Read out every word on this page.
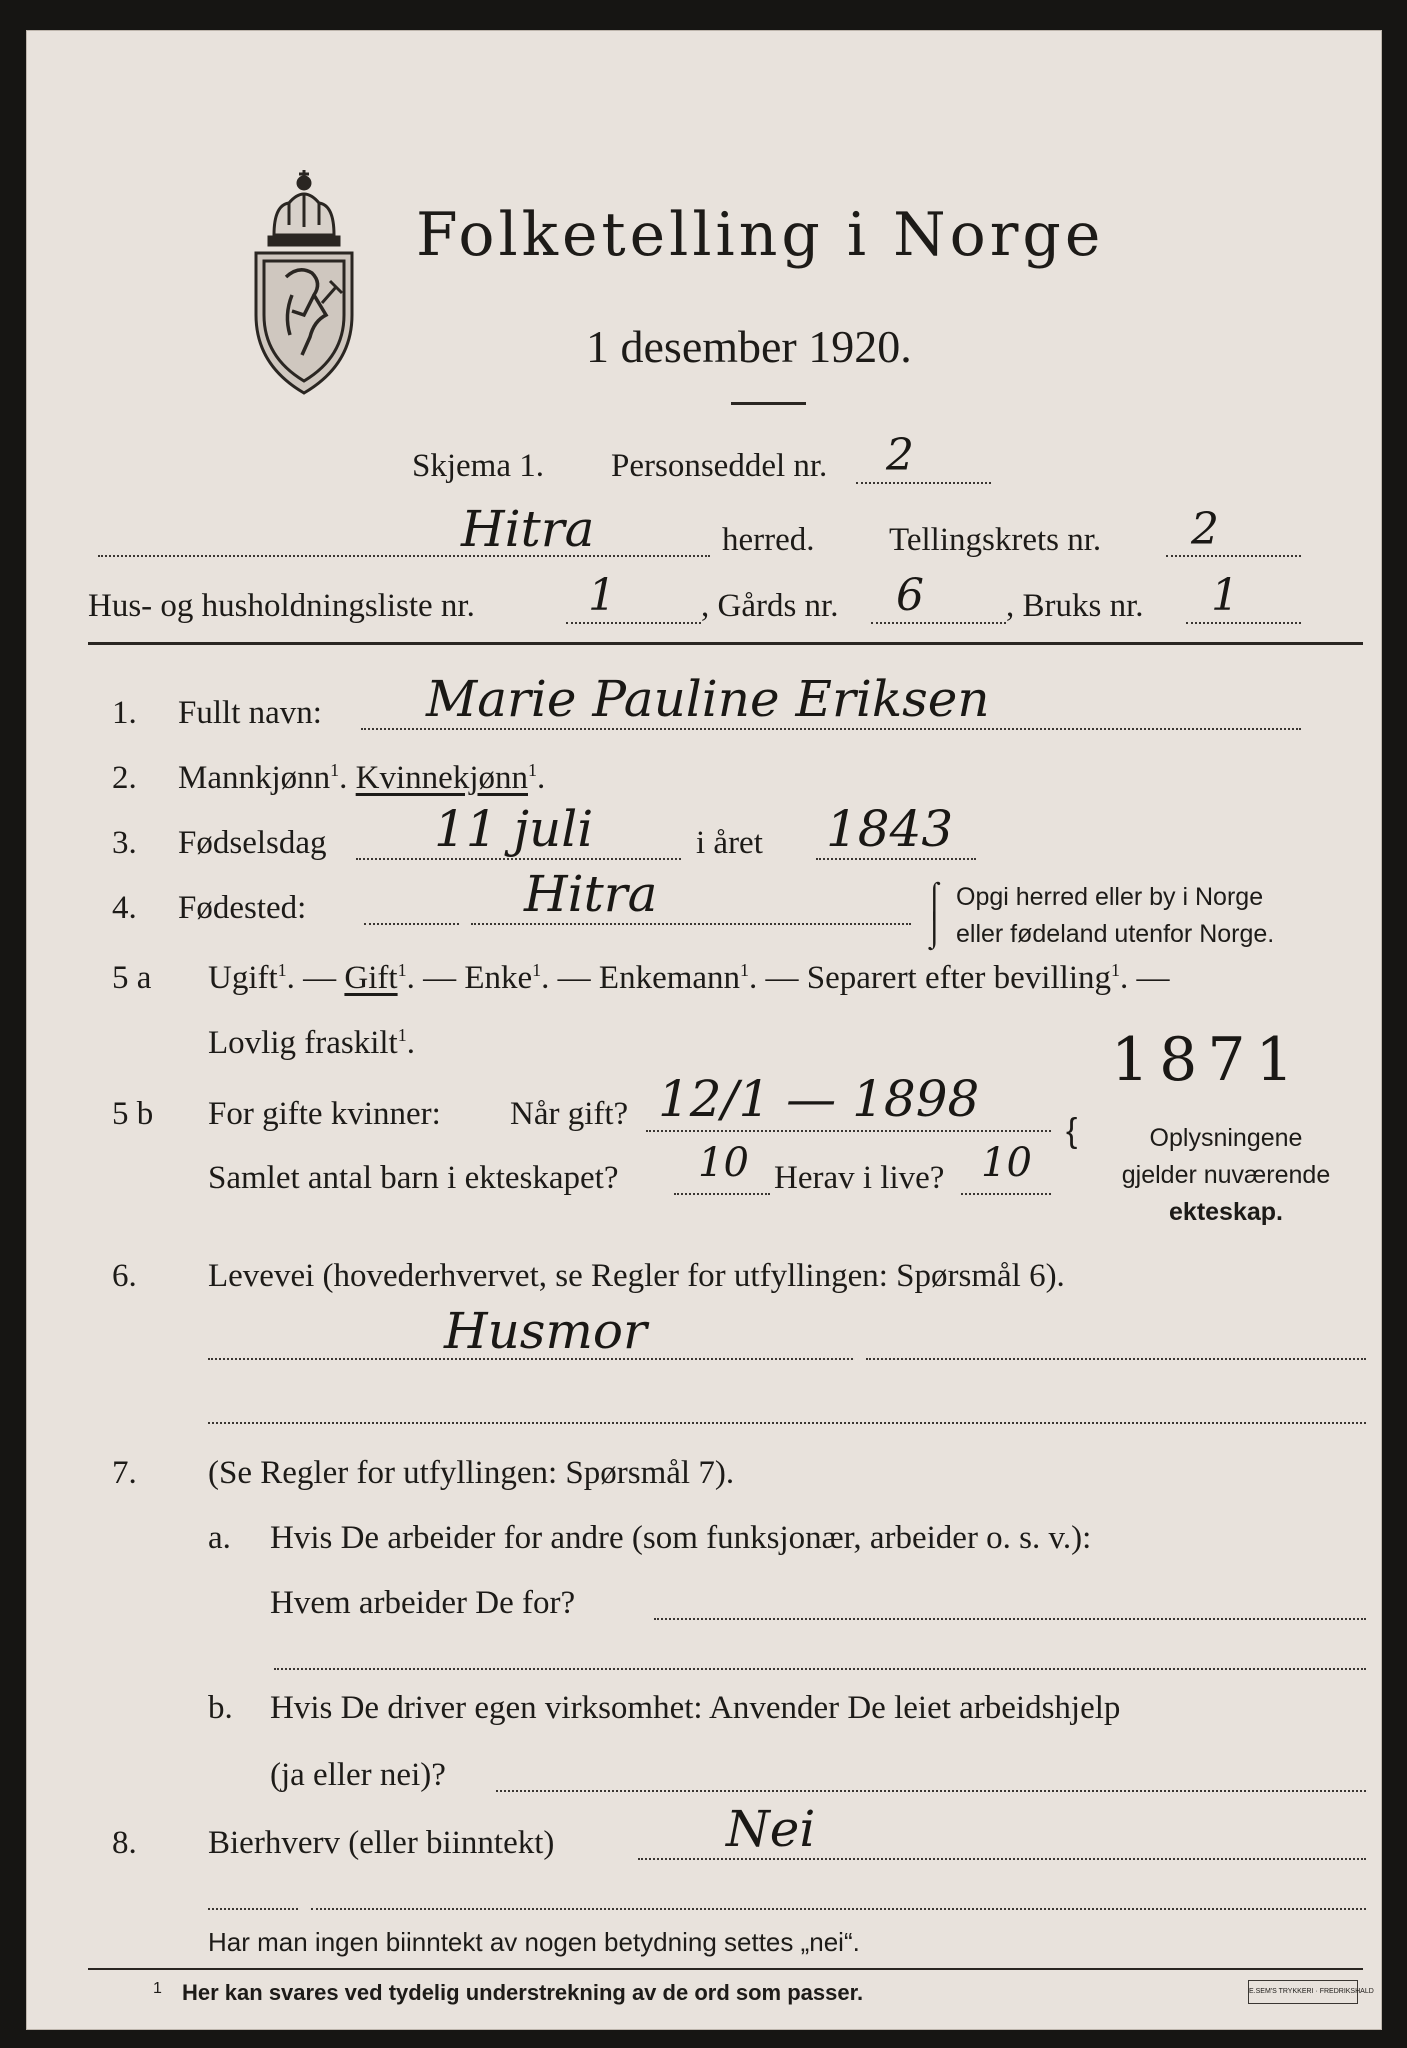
Folketelling i Norge
1 desember 1920.
Skjema 1. Personseddel nr. 2
Hitra	herred. Tellingskrets nr. 2
Hus- og husholdningsliste nr.	1	, Gårds nr. 6 , Bruks nr. 1
1. Fullt navn: Marie Pauline Eriksen
2. Mannkjønn$^1$. Kvinnekjønn$^1$.
3. Fødselsdag 11 juli	i året 1843
4. Fødested:	Hitra	⌠
⌡
Opgi herred eller by i Norge
eller fødeland utenfor Norge.
5 a Ugift$^1$. — Gift$^1$. — Enke$^1$. — Enkemann$^1$. — Separert efter bevilling$^1$. —
Lovlig fraskilt$^1$.	1871
5 b For gifte kvinner: Når gift? 12/1 — 1898
Samlet antal barn i ekteskapet? 10 Herav i live? 10
{	Oplysningene
gjelder nuværende
ekteskap.
6. Levevei (hovederhvervet, se Regler for utfyllingen: Spørsmål 6).
Husmor
7. (Se Regler for utfyllingen: Spørsmål 7).
a. Hvis De arbeider for andre (som funksjonær, arbeider o. s. v.):
Hvem arbeider De for?
b. Hvis De driver egen virksomhet: Anvender De leiet arbeidshjelp
(ja eller nei)?
8. Bierhverv (eller biinntekt)	Nei
Har man ingen biinntekt av nogen betydning settes „nei“.
1 Her kan svares ved tydelig understrekning av de ord som passer.	E.SEM'S TRYKKERI · FREDRIKSHALD
